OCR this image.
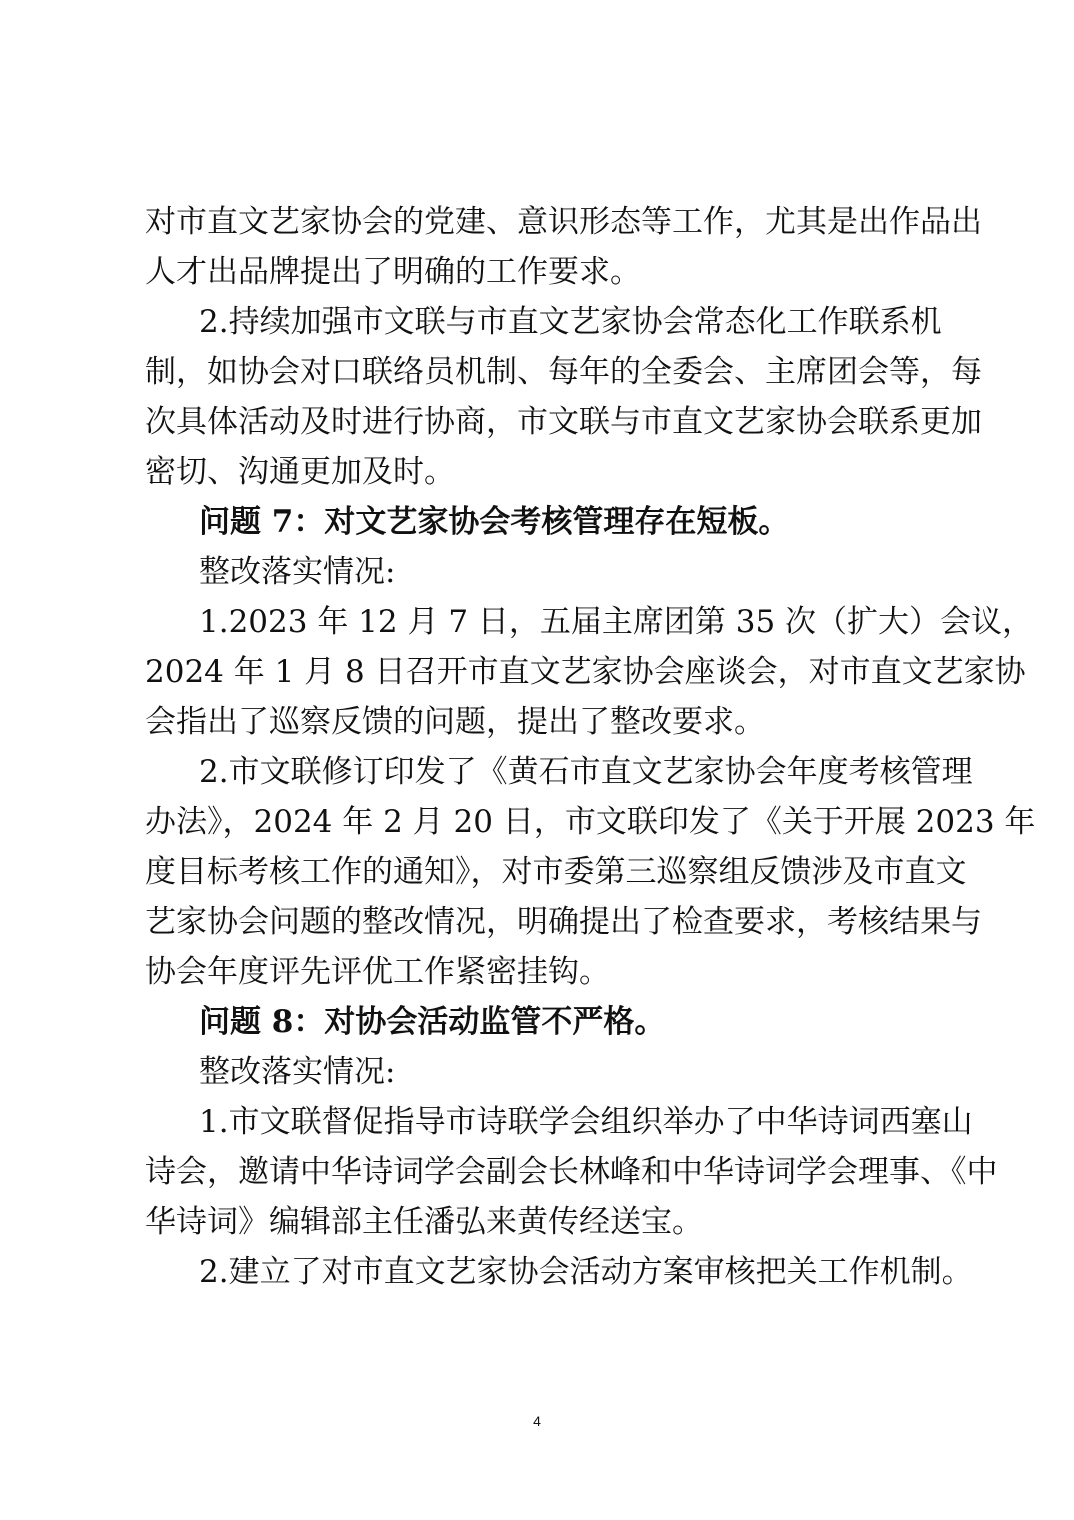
对市直文艺家协会的党建、意识形态等工作，尤其是出作品出
人才出品牌提出了明确的工作要求。
2.持续加强市文联与市直文艺家协会常态化工作联系机
制，如协会对口联络员机制、每年的全委会、主席团会等，每
次具体活动及时进行协商，市文联与市直文艺家协会联系更加
密切、沟通更加及时。
问题 7：对文艺家协会考核管理存在短板。
整改落实情况:
1.2023 年 12 月 7 日，五届主席团第 35 次（扩大）会议，
2024 年 1 月 8 日召开市直文艺家协会座谈会，对市直文艺家协
会指出了巡察反馈的问题，提出了整改要求。
2.市文联修订印发了《黄石市直文艺家协会年度考核管理
办法》，2024 年 2 月 20 日，市文联印发了《关于开展 2023 年
度目标考核工作的通知》，对市委第三巡察组反馈涉及市直文
艺家协会问题的整改情况，明确提出了检查要求，考核结果与
协会年度评先评优工作紧密挂钩。
问题 8：对协会活动监管不严格。
整改落实情况:
1.市文联督促指导市诗联学会组织举办了中华诗词西塞山
诗会，邀请中华诗词学会副会长林峰和中华诗词学会理事、《中
华诗词》编辑部主任潘弘来黄传经送宝。
2.建立了对市直文艺家协会活动方案审核把关工作机制。
4
